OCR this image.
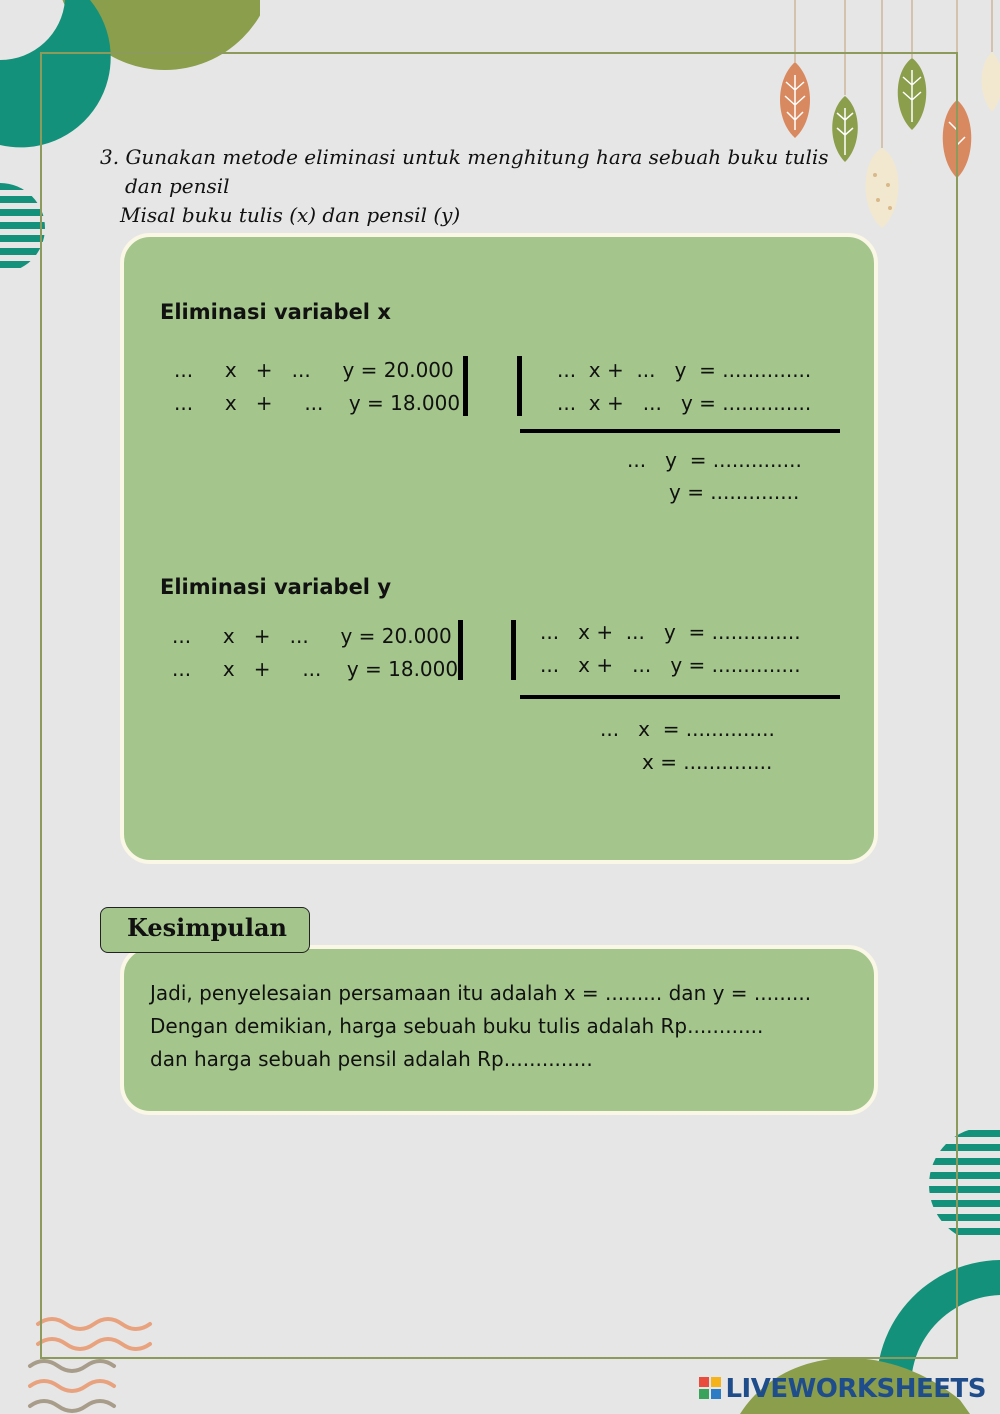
3. Gunakan metode eliminasi untuk menghitung hara sebuah buku tulis
dan pensil
Misal buku tulis (x) dan pensil (y)
Eliminasi variabel x
...     x   +   ...     y = 20.000
...     x   +     ...    y = 18.000
...  x +  ...   y  = ..............
...  x +   ...   y = ..............
...   y  = ..............
y = ..............
Eliminasi variabel y
...     x   +   ...     y = 20.000
...     x   +     ...    y = 18.000
...   x +  ...   y  = ..............
...   x +   ...   y = ..............
...   x  = ..............
x = ..............
Kesimpulan
Jadi, penyelesaian persamaan itu adalah x = ......... dan y = .........
Dengan demikian, harga sebuah buku tulis adalah Rp............
dan harga sebuah pensil adalah Rp..............
LIVEWORKSHEETS
